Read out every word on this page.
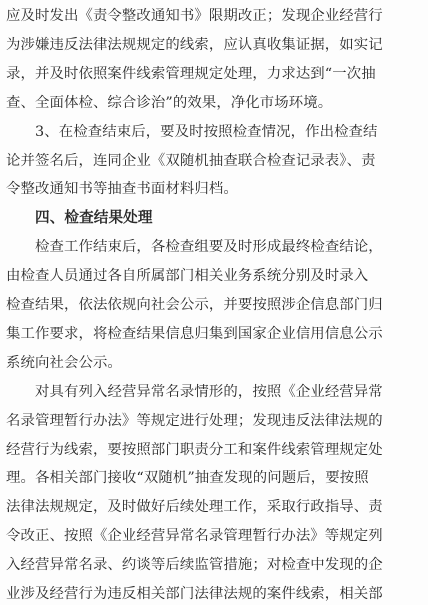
应及时发出《责令整改通知书》限期改正；发现企业经营行
为涉嫌违反法律法规规定的线索，应认真收集证据，如实记
录，并及时依照案件线索管理规定处理，力求达到“一次抽
查、全面体检、综合诊治”的效果，净化市场环境。
3、在检查结束后，要及时按照检查情况，作出检查结
论并签名后，连同企业《双随机抽查联合检查记录表》、责
令整改通知书等抽查书面材料归档。
四、检查结果处理
检查工作结束后，各检查组要及时形成最终检查结论，
由检查人员通过各自所属部门相关业务系统分别及时录入
检查结果，依法依规向社会公示，并要按照涉企信息部门归
集工作要求，将检查结果信息归集到国家企业信用信息公示
系统向社会公示。
对具有列入经营异常名录情形的，按照《企业经营异常
名录管理暂行办法》等规定进行处理；发现违反法律法规的
经营行为线索，要按照部门职责分工和案件线索管理规定处
理。各相关部门接收“双随机”抽查发现的问题后，要按照
法律法规规定，及时做好后续处理工作，采取行政指导、责
令改正、按照《企业经营异常名录管理暂行办法》等规定列
入经营异常名录、约谈等后续监管措施；对检查中发现的企
业涉及经营行为违反相关部门法律法规的案件线索，相关部
